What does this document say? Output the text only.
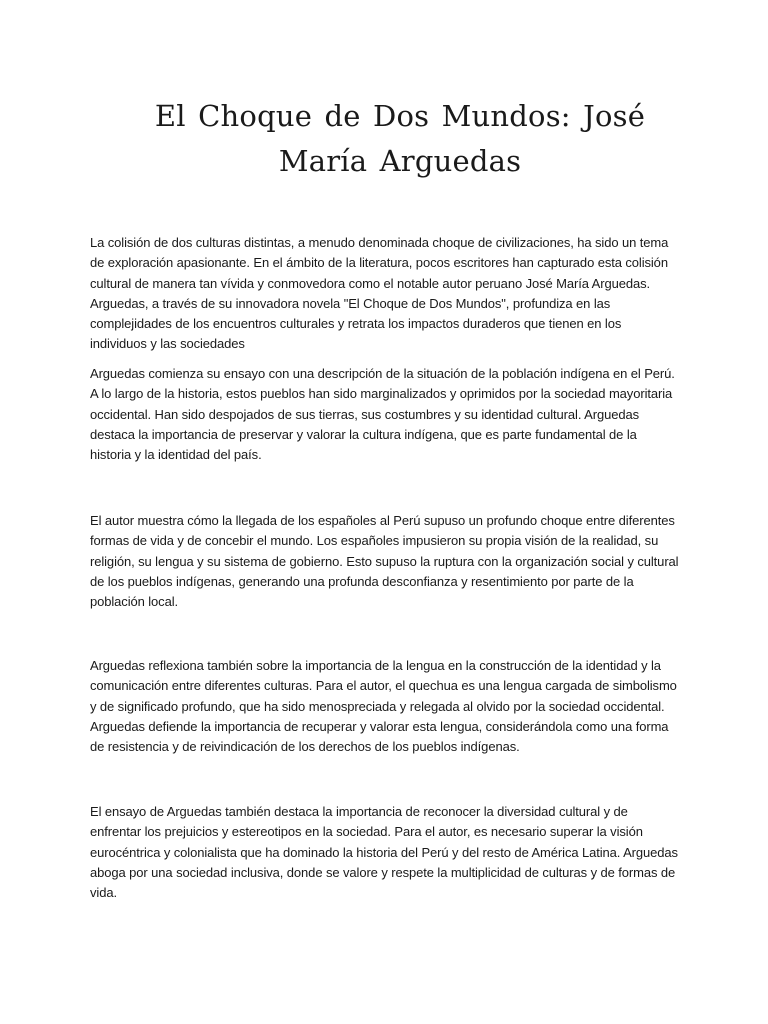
El Choque de Dos Mundos: José María Arguedas

La colisión de dos culturas distintas, a menudo denominada choque de civilizaciones, ha sido un tema de exploración apasionante. En el ámbito de la literatura, pocos escritores han capturado esta colisión cultural de manera tan vívida y conmovedora como el notable autor peruano José María Arguedas. Arguedas, a través de su innovadora novela "El Choque de Dos Mundos", profundiza en las complejidades de los encuentros culturales y retrata los impactos duraderos que tienen en los individuos y las sociedades

Arguedas comienza su ensayo con una descripción de la situación de la población indígena en el Perú. A lo largo de la historia, estos pueblos han sido marginalizados y oprimidos por la sociedad mayoritaria occidental. Han sido despojados de sus tierras, sus costumbres y su identidad cultural. Arguedas destaca la importancia de preservar y valorar la cultura indígena, que es parte fundamental de la historia y la identidad del país.

El autor muestra cómo la llegada de los españoles al Perú supuso un profundo choque entre diferentes formas de vida y de concebir el mundo. Los españoles impusieron su propia visión de la realidad, su religión, su lengua y su sistema de gobierno. Esto supuso la ruptura con la organización social y cultural de los pueblos indígenas, generando una profunda desconfianza y resentimiento por parte de la población local.

Arguedas reflexiona también sobre la importancia de la lengua en la construcción de la identidad y la comunicación entre diferentes culturas. Para el autor, el quechua es una lengua cargada de simbolismo y de significado profundo, que ha sido menospreciada y relegada al olvido por la sociedad occidental. Arguedas defiende la importancia de recuperar y valorar esta lengua, considerándola como una forma de resistencia y de reivindicación de los derechos de los pueblos indígenas.

El ensayo de Arguedas también destaca la importancia de reconocer la diversidad cultural y de enfrentar los prejuicios y estereotipos en la sociedad. Para el autor, es necesario superar la visión eurocéntrica y colonialista que ha dominado la historia del Perú y del resto de América Latina. Arguedas aboga por una sociedad inclusiva, donde se valore y respete la multiplicidad de culturas y de formas de vida.
